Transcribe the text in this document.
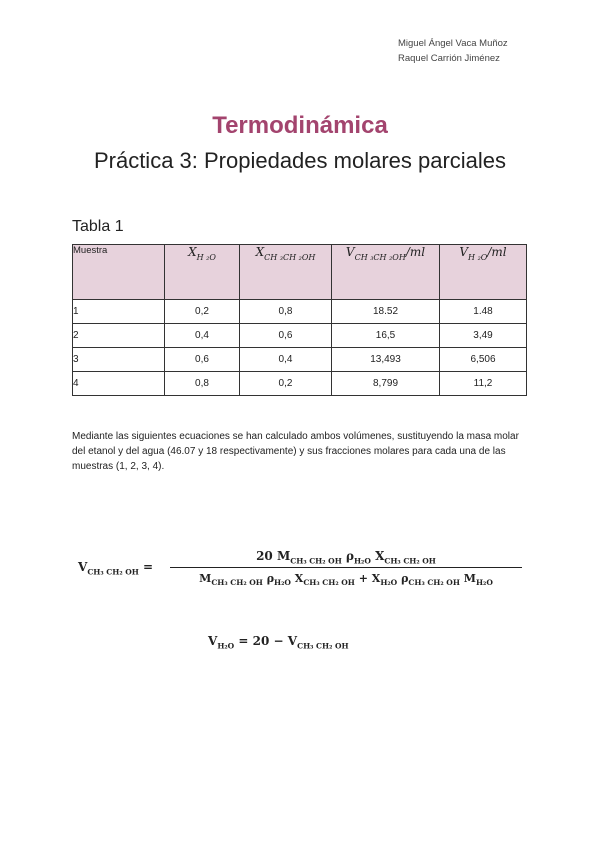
Miguel Ángel Vaca Muñoz
Raquel Carrión Jiménez
Termodinámica
Práctica 3: Propiedades molares parciales
Tabla 1
Muestra	$X_{H _2O}$	$X_{CH _3CH _2OH}$	$V_{CH _3CH _2OH}/ml$	$V_{H _2O}/ml$
1	0,2	0,8	18.52	1.48
2	0,4	0,6	16,5	3,49
3	0,6	0,4	13,493	6,506
4	0,8	0,2	8,799	11,2
Mediante las siguientes ecuaciones se han calculado ambos volúmenes, sustituyendo la masa molar del etanol y del agua (46.07 y 18 respectivamente) y sus fracciones molares para cada una de las muestras (1, 2, 3, 4).
$V_{CH_3 CH_2 OH}$ =
20 $M_{CH_3 CH_2 OH}$ $\rho_{H_2O}$ $X_{CH_3 CH_2 OH}$
$M_{CH_3 CH_2 OH}$ $\rho_{H_2O}$ $X_{CH_3 CH_2 OH} + X_{H_2O}$ $\rho_{CH_3 CH_2 OH}$ $M_{H_2O}$
$V_{H_2O} = 20 - V_{CH_3 CH_2 OH}$
